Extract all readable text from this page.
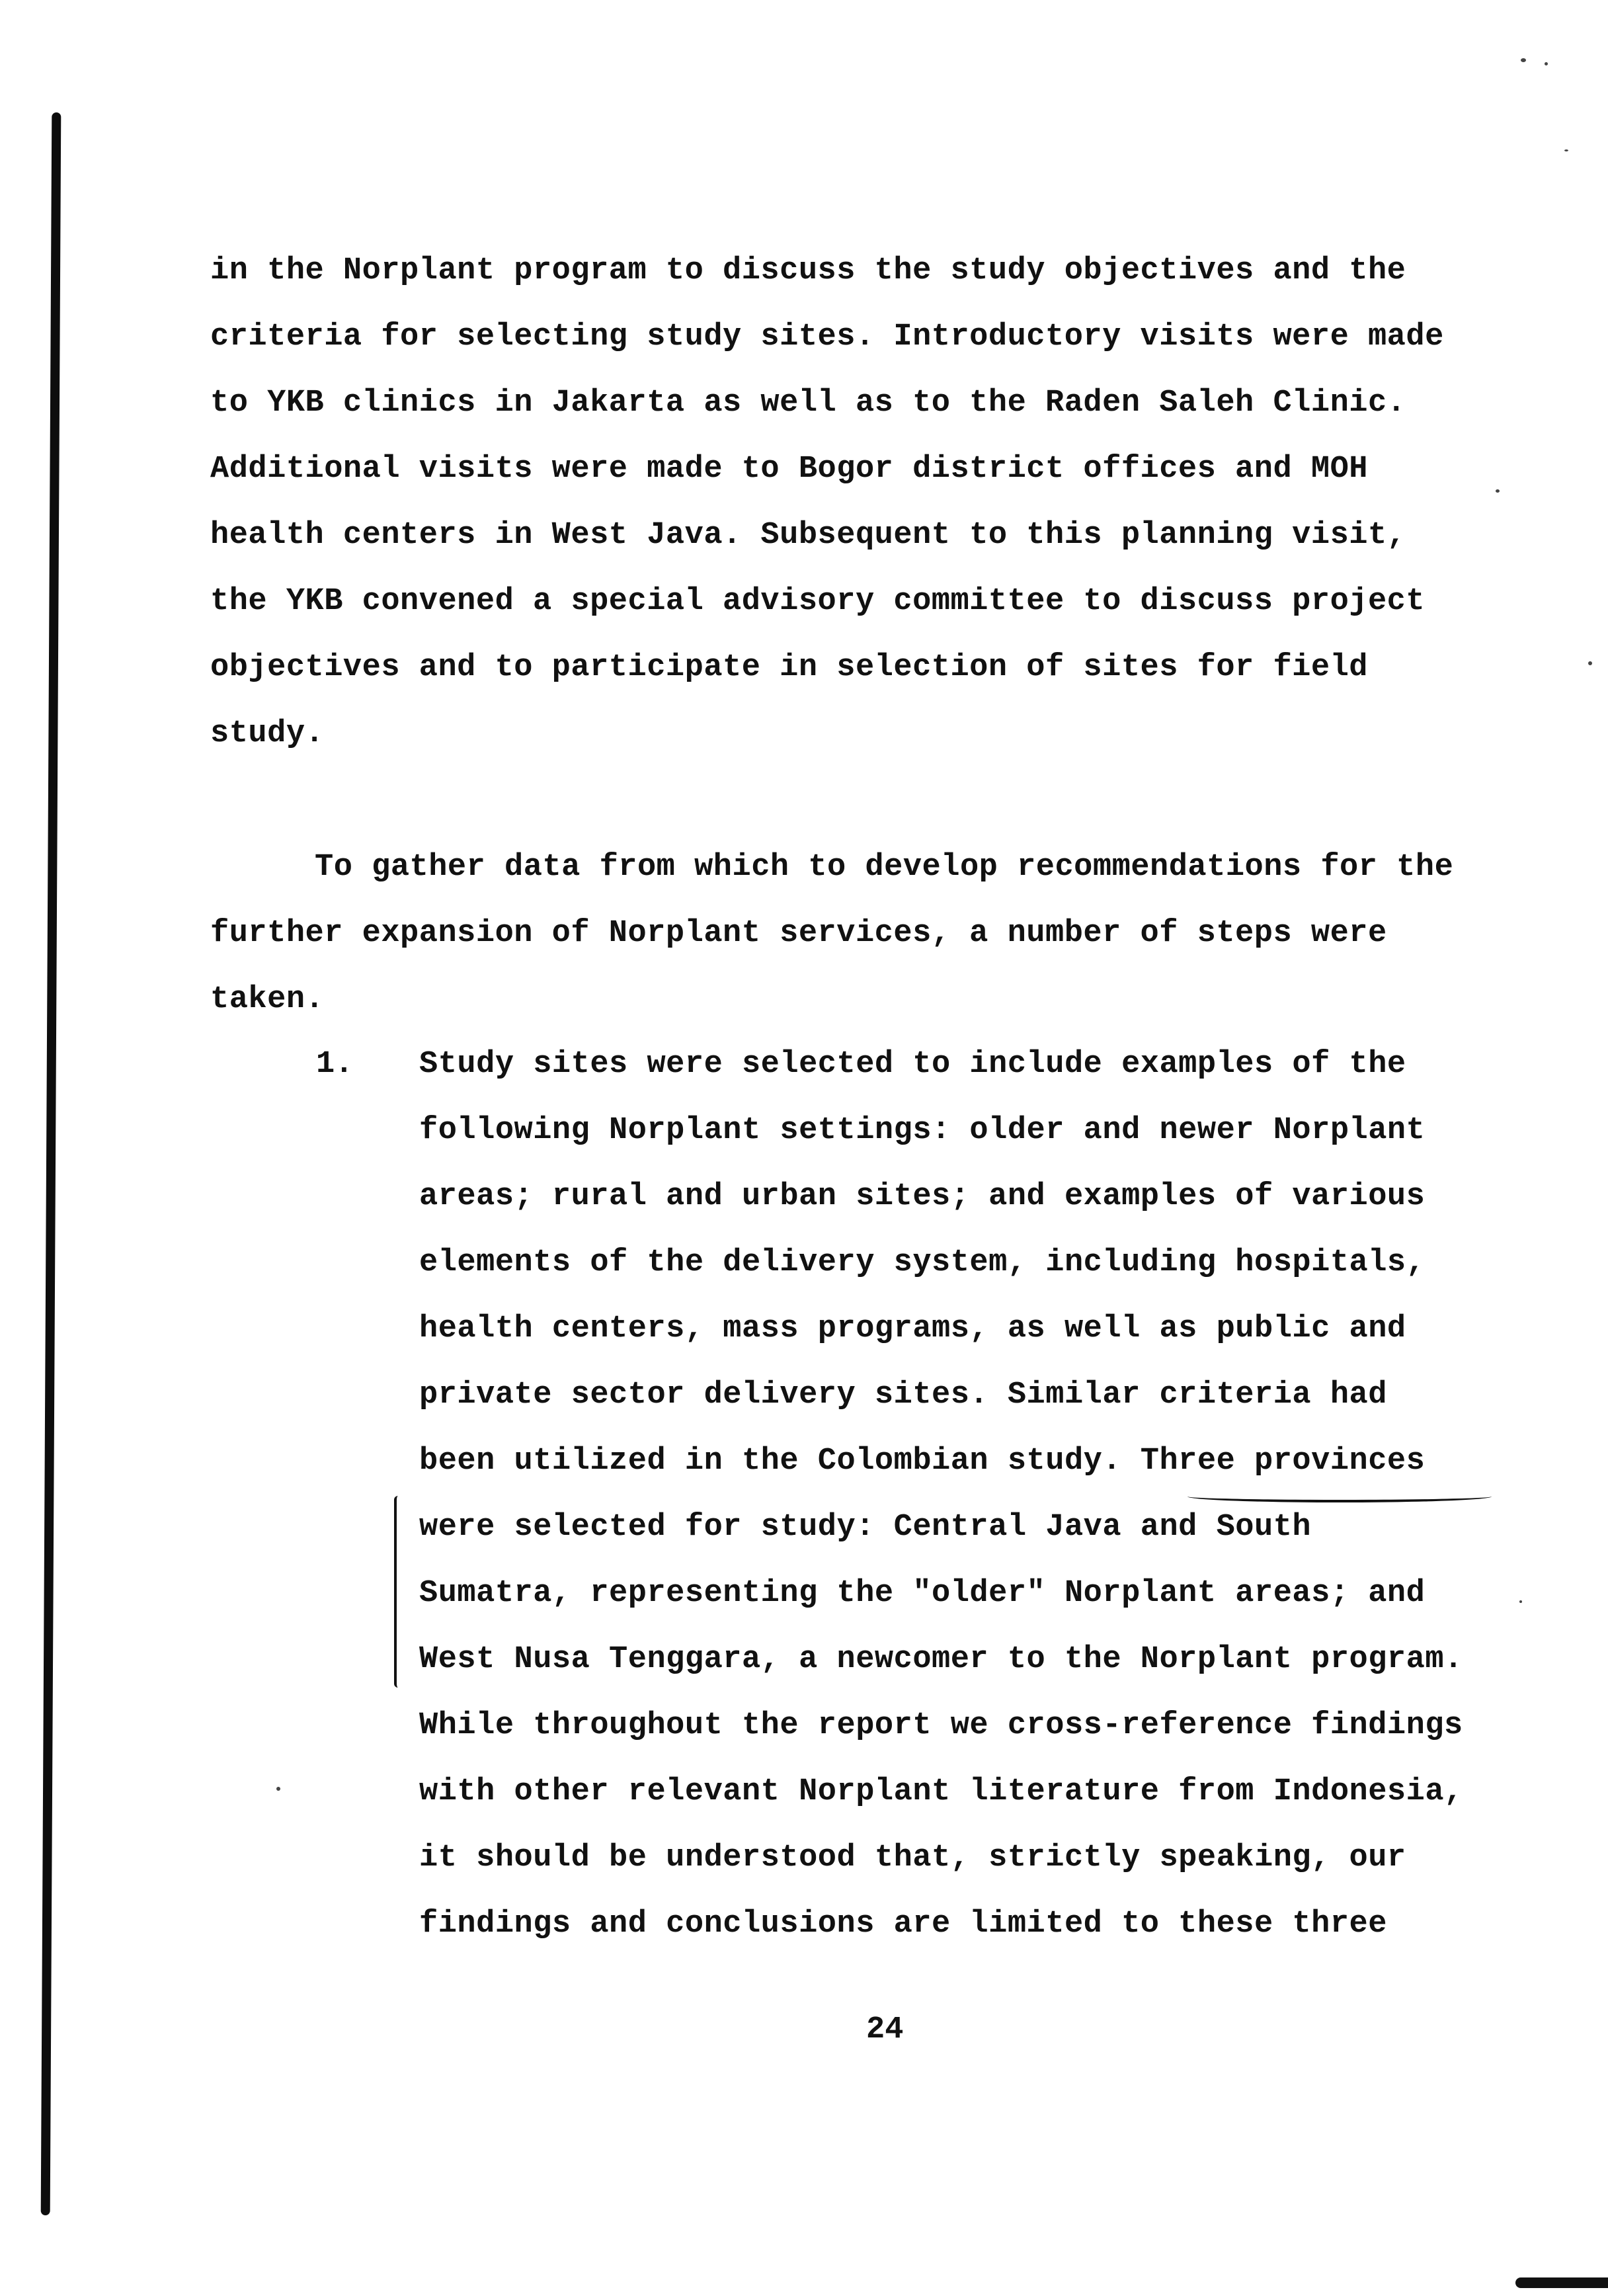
in the Norplant program to discuss the study objectives and the
criteria for selecting study sites. Introductory visits were made
to YKB clinics in Jakarta as well as to the Raden Saleh Clinic.
Additional visits were made to Bogor district offices and MOH
health centers in West Java. Subsequent to this planning visit,
the YKB convened a special advisory committee to discuss project
objectives and to participate in selection of sites for field
study.
To gather data from which to develop recommendations for the
further expansion of Norplant services, a number of steps were
taken.
1. Study sites were selected to include examples of the
following Norplant settings: older and newer Norplant
areas; rural and urban sites; and examples of various
elements of the delivery system, including hospitals,
health centers, mass programs, as well as public and
private sector delivery sites. Similar criteria had
been utilized in the Colombian study. Three provinces
were selected for study: Central Java and South
Sumatra, representing the "older" Norplant areas; and
West Nusa Tenggara, a newcomer to the Norplant program.
While throughout the report we cross-reference findings
with other relevant Norplant literature from Indonesia,
it should be understood that, strictly speaking, our
findings and conclusions are limited to these three
24
